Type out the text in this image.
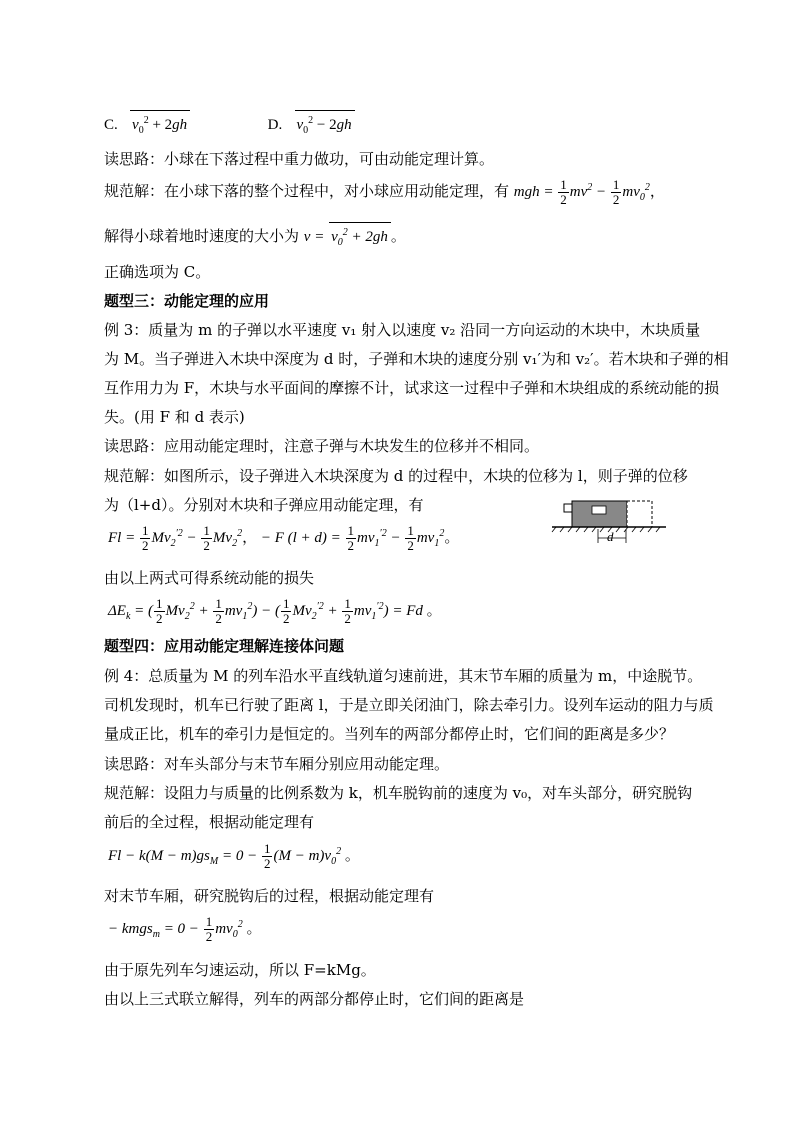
C. $v_0^2 + 2gh$	D. $v_0^2 - 2gh$
读思路：小球在下落过程中重力做功，可由动能定理计算。
规范解：在小球下落的整个过程中，对小球应用动能定理，有 mgh = $\frac{1}{2} mv^2 - \frac{1}{2} mv_0^2$，
解得小球着地时速度的大小为 $v = v_0^2 + 2gh$ 。
正确选项为 C。
题型三：动能定理的应用
例 3：质量为 m 的子弹以水平速度 v₁ 射入以速度 v₂ 沿同一方向运动的木块中，木块质量
为 M。当子弹进入木块中深度为 d 时，子弹和木块的速度分别 v₁′为和 v₂′。若木块和子弹的相
互作用力为 F，木块与水平面间的摩擦不计，试求这一过程中子弹和木块组成的系统动能的损
失。(用 F 和 d 表示)
读思路：应用动能定理时，注意子弹与木块发生的位移并不相同。
规范解：如图所示，设子弹进入木块深度为 d 的过程中，木块的位移为 l，则子弹的位移
为（l+d）。分别对木块和子弹应用动能定理，有
$Fl = \frac{1}{2} Mv_2^{'2} - \frac{1}{2} Mv_2^2$， − F $(l + d) = \frac{1}{2} mv_1^{'2} - \frac{1}{2} mv_1^2$。	d
由以上两式可得系统动能的损失
$\Delta E_k$ = ( $\frac{1}{2} Mv_2^2 + \frac{1}{2} mv_1^2$) − ( $\frac{1}{2} Mv_2^{'2} + \frac{1}{2} mv_1^{'2}) = Fd$ 。
题型四：应用动能定理解连接体问题
例 4：总质量为 M 的列车沿水平直线轨道匀速前进，其末节车厢的质量为 m，中途脱节。
司机发现时，机车已行驶了距离 l，于是立即关闭油门，除去牵引力。设列车运动的阻力与质
量成正比，机车的牵引力是恒定的。当列车的两部分都停止时，它们间的距离是多少？
读思路：对车头部分与末节车厢分别应用动能定理。
规范解：设阻力与质量的比例系数为 k，机车脱钩前的速度为 v₀，对车头部分，研究脱钩
前后的全过程，根据动能定理有
$Fl - k(M - m)gs_M = 0 - \frac{1}{2} (M - m)v_0^2$ 。
对末节车厢，研究脱钩后的过程，根据动能定理有
− kmgs$_m$ = $0 - \frac{1}{2} mv_0^2$ 。
由于原先列车匀速运动，所以 F=kMg。
由以上三式联立解得，列车的两部分都停止时，它们间的距离是
